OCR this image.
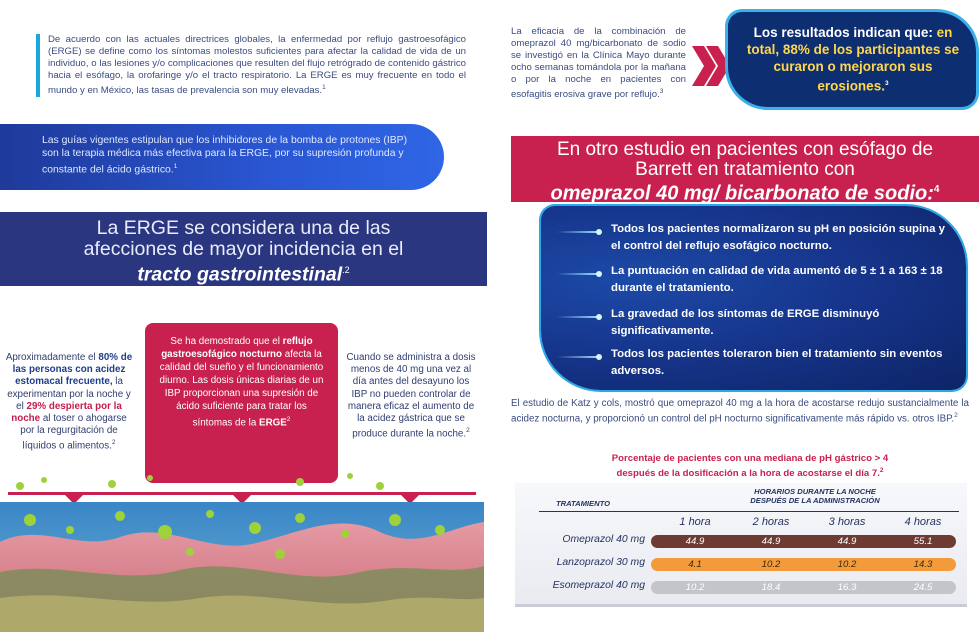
De acuerdo con las actuales directrices globales, la enfermedad por reflujo gastroesofágico (ERGE) se define como los síntomas molestos suficientes para afectar la calidad de vida de un individuo, o las lesiones y/o complicaciones que resulten del flujo retrógrado de contenido gástrico hacia el esófago, la orofaringe y/o el tracto respiratorio. La ERGE es muy frecuente en todo el mundo y en México, las tasas de prevalencia son muy elevadas.$^1$
Las guías vigentes estipulan que los inhibidores de la bomba de protones (IBP) son la terapia médica más efectiva para la ERGE, por su supresión profunda y constante del ácido gástrico.$^1$
La ERGE se considera una de las
afecciones de mayor incidencia en el
tracto gastrointestinal$^{.2}$
Aproximadamente el 80% de las personas con acidez estomacal frecuente, la experimentan por la noche y el 29% despierta por la noche al toser o ahogarse por la regurgitación de líquidos o alimentos.$^2$
Se ha demostrado que el reflujo gastroesofágico nocturno afecta la calidad del sueño y el funcionamiento diurno. Las dosis únicas diarias de un IBP proporcionan una supresión de ácido suficiente para tratar los síntomas de la ERGE$^2$
Cuando se administra a dosis menos de 40 mg una vez al día antes del desayuno los IBP no pueden controlar de manera eficaz el aumento de la acidez gástrica que se produce durante la noche.$^2$
La eficacia de la combinación de omeprazol 40 mg/bicarbonato de sodio se investigó en la Clínica Mayo durante ocho semanas tomándola por la mañana o por la noche en pacientes con esofagitis erosiva grave por reflujo.$^3$
Los resultados indican que: en total, 88% de los participantes se curaron o mejoraron sus erosiones.$^3$
En otro estudio en pacientes con esófago de
Barrett en tratamiento con
omeprazol 40 mg/ bicarbonato de sodio:$^4$
Todos los pacientes normalizaron su pH en posición supina y el control del reflujo esofágico nocturno.
La puntuación en calidad de vida aumentó de 5 ± 1 a 163 ± 18 durante el tratamiento.
La gravedad de los síntomas de ERGE disminuyó significativamente.
Todos los pacientes toleraron bien el tratamiento sin eventos adversos.
El estudio de Katz y cols, mostró que omeprazol 40 mg a la hora de acostarse redujo sustancialmente la acidez nocturna, y proporcionó un control del pH nocturno significativamente más rápido vs. otros IBP.$^2$
Porcentaje de pacientes con una mediana de pH gástrico > 4
después de la dosificación a la hora de acostarse el día 7.$^2$
TRATAMIENTO
HORARIOS DURANTE LA NOCHE
DESPUÉS DE LA ADMINISTRACIÓN
1 hora	2 horas	3 horas	4 horas
Omeprazol 40 mg	44.9	44.9	44.9	55.1
Lanzoprazol 30 mg	4.1	10.2	10.2	14.3
Esomeprazol 40 mg	10.2	18.4	16.3	24.5
